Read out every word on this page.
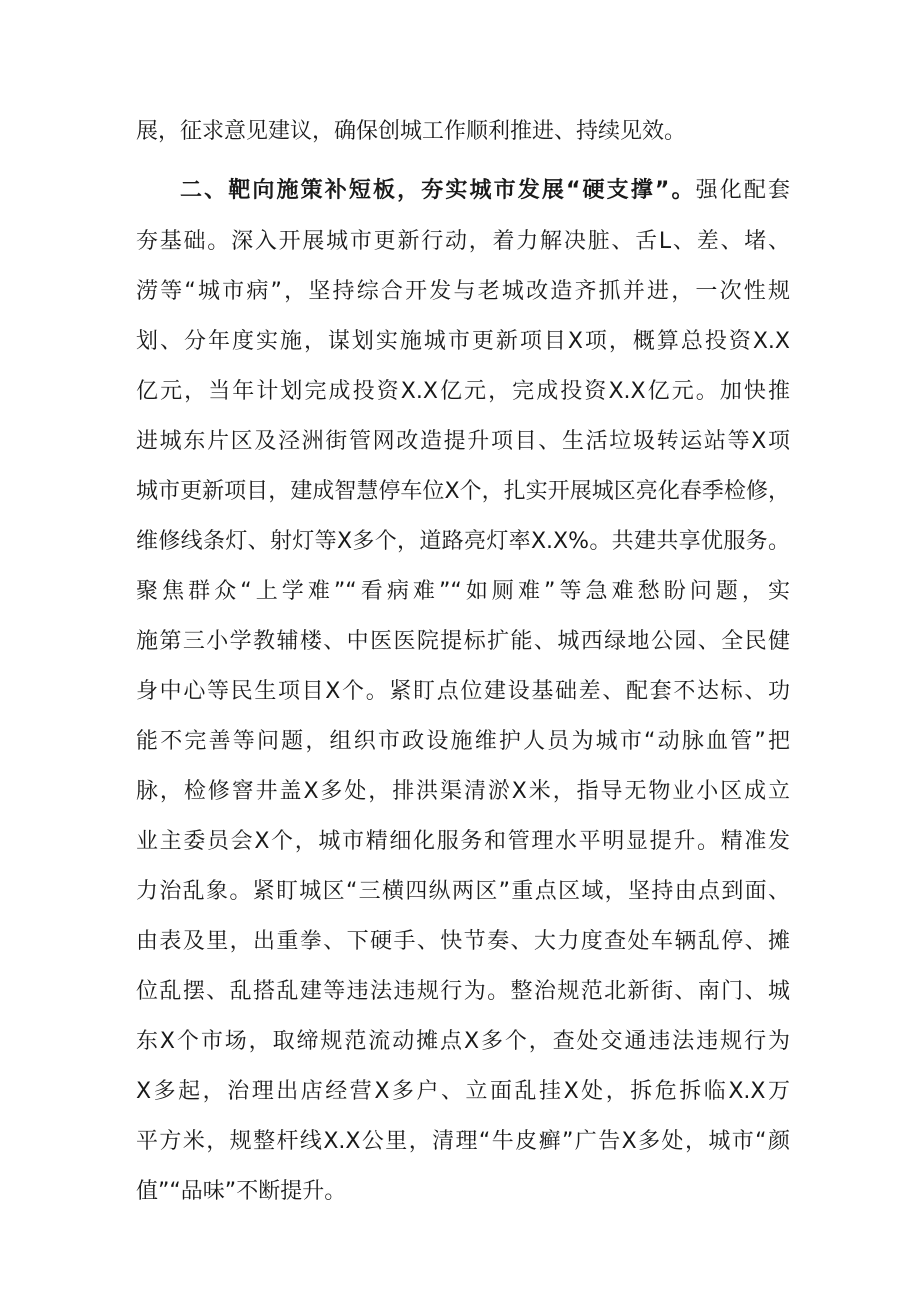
展，征求意见建议，确保创城工作顺利推进、持续见效。
二、靶向施策补短板，夯实城市发展“硬支撑”。强化配套
夯基础。深入开展城市更新行动，着力解决脏、舌L、差、堵、
涝等“城市病”，坚持综合开发与老城改造齐抓并进，一次性规
划、分年度实施，谋划实施城市更新项目X项，概算总投资X.X
亿元，当年计划完成投资X.X亿元，完成投资X.X亿元。加快推
进城东片区及泾洲街管网改造提升项目、生活垃圾转运站等X项
城市更新项目，建成智慧停车位X个，扎实开展城区亮化春季检修，
维修线条灯、射灯等X多个，道路亮灯率X.X%。共建共享优服务。
聚焦群众“上学难”“看病难”“如厕难”等急难愁盼问题，实
施第三小学教辅楼、中医医院提标扩能、城西绿地公园、全民健
身中心等民生项目X个。紧盯点位建设基础差、配套不达标、功
能不完善等问题，组织市政设施维护人员为城市“动脉血管”把
脉，检修窨井盖X多处，排洪渠清淤X米，指导无物业小区成立
业主委员会X个，城市精细化服务和管理水平明显提升。精准发
力治乱象。紧盯城区“三横四纵两区”重点区域，坚持由点到面、
由表及里，出重拳、下硬手、快节奏、大力度查处车辆乱停、摊
位乱摆、乱搭乱建等违法违规行为。整治规范北新街、南门、城
东X个市场，取缔规范流动摊点X多个，查处交通违法违规行为
X多起，治理出店经营X多户、立面乱挂X处，拆危拆临X.X万
平方米，规整杆线X.X公里，清理“牛皮癣”广告X多处，城市“颜
值”“品味”不断提升。
